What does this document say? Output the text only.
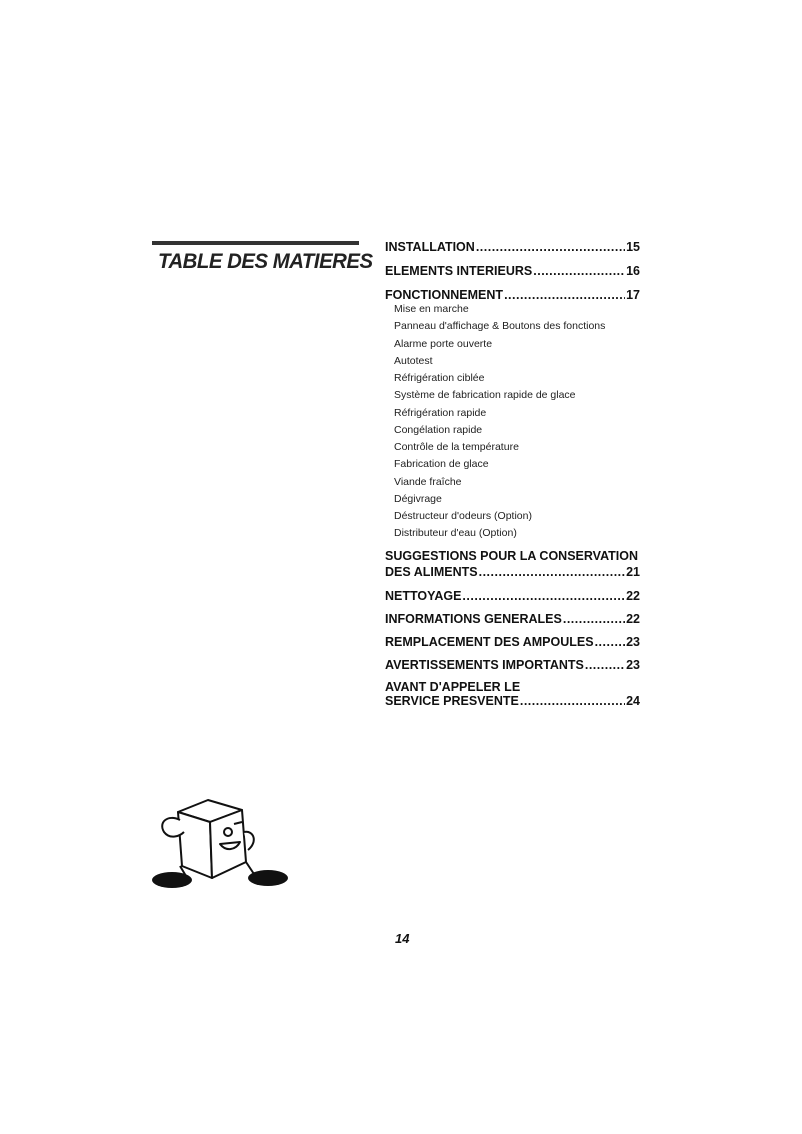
TABLE DES MATIERES
INSTALLATION .....	15
ELEMENTS INTERIEURS .....	16
FONCTIONNEMENT .....	17
Mise en marche
Panneau d'affichage & Boutons des fonctions
Alarme porte ouverte
Autotest
Réfrigération ciblée
Système de fabrication rapide de glace
Réfrigération rapide
Congélation rapide
Contrôle de la température
Fabrication de glace
Viande fraîche
Dégivrage
Déstructeur d'odeurs (Option)
Distributeur d'eau (Option)
SUGGESTIONS POUR LA CONSERVATION
DES ALIMENTS .....	21
NETTOYAGE .....	22
INFORMATIONS GENERALES .....	22
REMPLACEMENT DES AMPOULES .....	23
AVERTISSEMENTS IMPORTANTS .....	23
AVANT D'APPELER LE
SERVICE PRESVENTE .....	24
14
